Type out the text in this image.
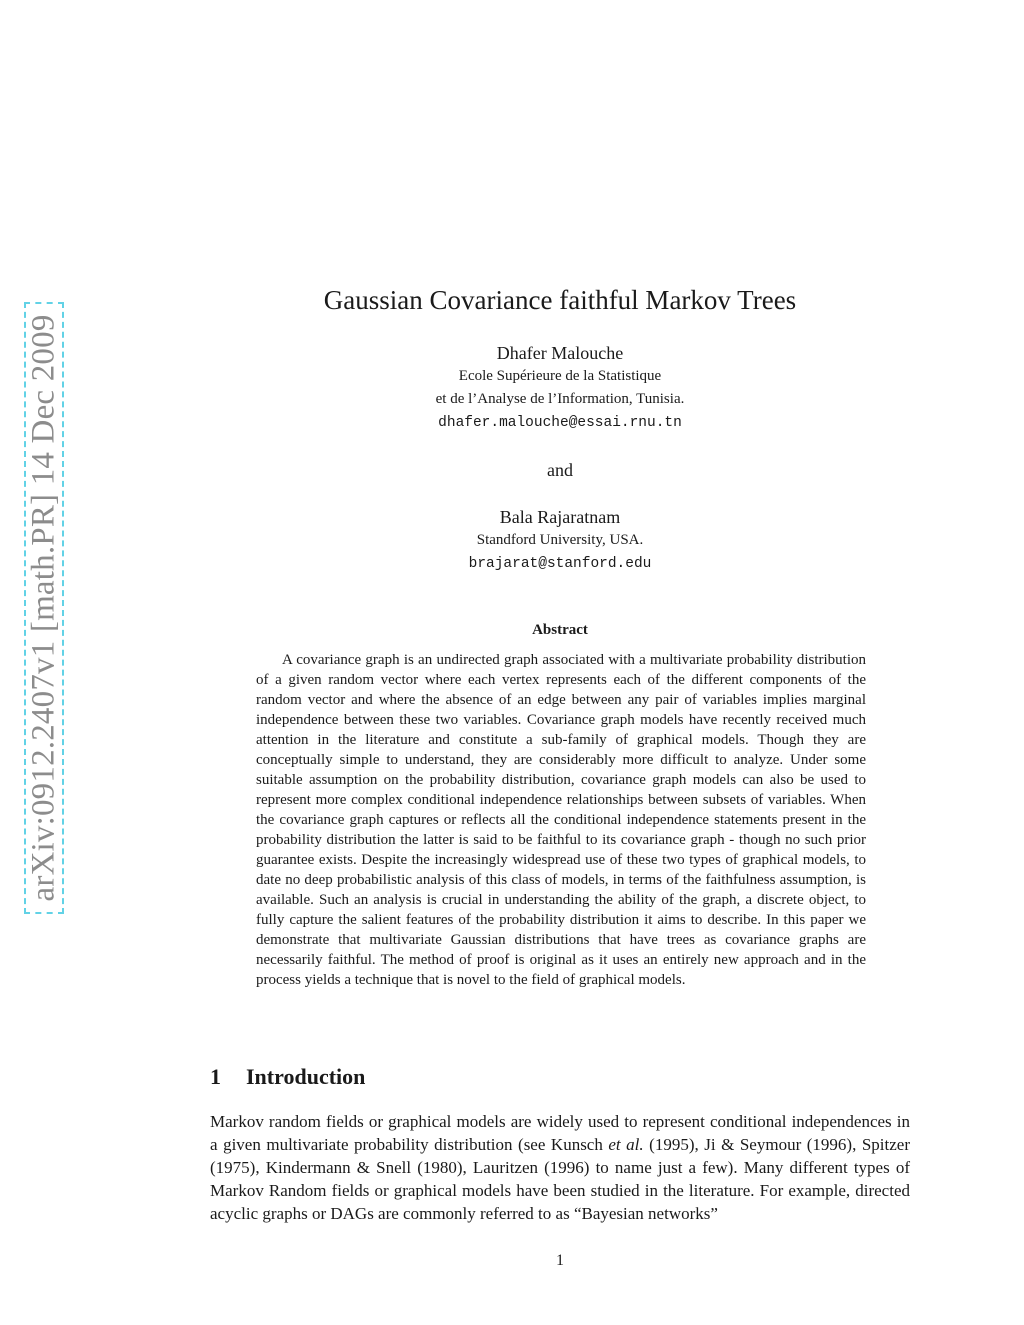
arXiv:0912.2407v1 [math.PR] 14 Dec 2009
Gaussian Covariance faithful Markov Trees
Dhafer Malouche
Ecole Supérieure de la Statistique
et de l’Analyse de l’Information, Tunisia.
dhafer.malouche@essai.rnu.tn
and
Bala Rajaratnam
Standford University, USA.
brajarat@stanford.edu
Abstract

A covariance graph is an undirected graph associated with a multivariate probability distribution of a given random vector where each vertex represents each of the different components of the random vector and where the absence of an edge between any pair of variables implies marginal independence between these two variables. Covariance graph models have recently received much attention in the literature and constitute a sub-family of graphical models. Though they are conceptually simple to understand, they are considerably more difficult to analyze. Under some suitable assumption on the probability distribution, covariance graph models can also be used to represent more complex conditional independence relationships between subsets of variables. When the covariance graph captures or reflects all the conditional independence statements present in the probability distribution the latter is said to be faithful to its covariance graph - though no such prior guarantee exists. Despite the increasingly widespread use of these two types of graphical models, to date no deep probabilistic analysis of this class of models, in terms of the faithfulness assumption, is available. Such an analysis is crucial in understanding the ability of the graph, a discrete object, to fully capture the salient features of the probability distribution it aims to describe. In this paper we demonstrate that multivariate Gaussian distributions that have trees as covariance graphs are necessarily faithful. The method of proof is original as it uses an entirely new approach and in the process yields a technique that is novel to the field of graphical models.

1 Introduction

Markov random fields or graphical models are widely used to represent conditional independences in a given multivariate probability distribution (see Kunsch et al. (1995), Ji & Seymour (1996), Spitzer (1975), Kindermann & Snell (1980), Lauritzen (1996) to name just a few). Many different types of Markov Random fields or graphical models have been studied in the literature. For example, directed acyclic graphs or DAGs are commonly referred to as “Bayesian networks”

1
